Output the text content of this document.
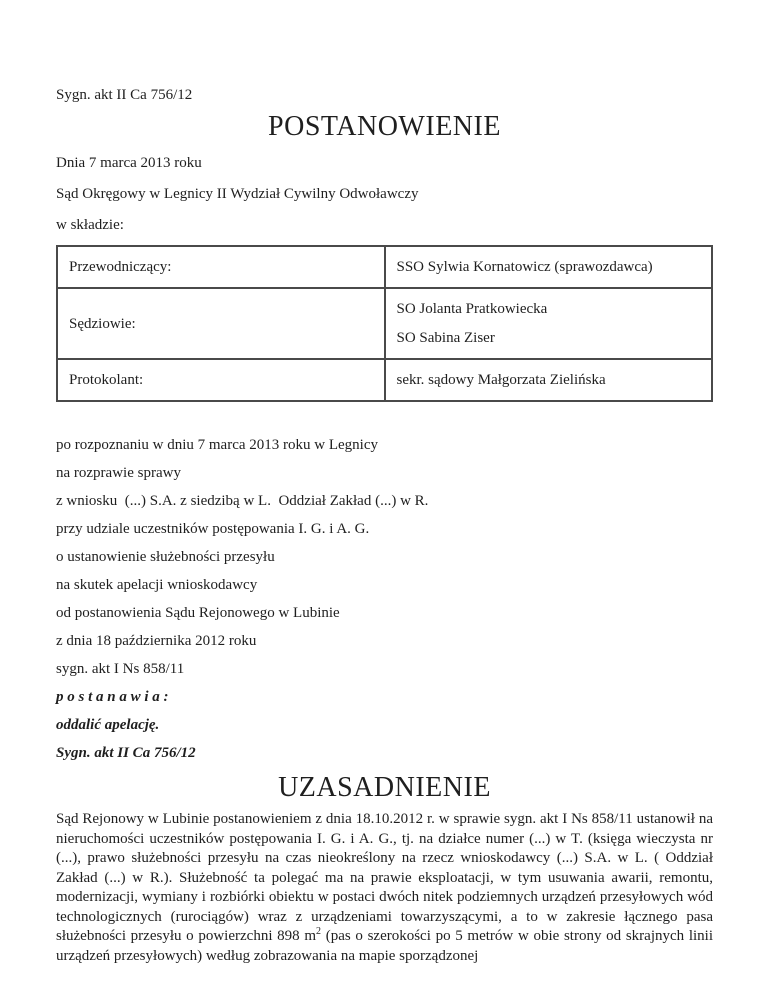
Sygn. akt II Ca 756/12
POSTANOWIENIE
Dnia 7 marca 2013 roku
Sąd Okręgowy w Legnicy II Wydział Cywilny Odwoławczy
w składzie:
Przewodniczący:	SSO Sylwia Kornatowicz (sprawozdawca)

Sędziowie:	SO Jolanta Pratkowiecka
SO Sabina Ziser

Protokolant:	sekr. sądowy Małgorzata Zielińska
po rozpoznaniu w dniu 7 marca 2013 roku w Legnicy
na rozprawie sprawy
z wniosku  (...) S.A. z siedzibą w L.  Oddział Zakład (...) w R.
przy udziale uczestników postępowania I. G. i A. G.
o ustanowienie służebności przesyłu
na skutek apelacji wnioskodawcy
od postanowienia Sądu Rejonowego w Lubinie
z dnia 18 października 2012 roku
sygn. akt I Ns 858/11
p o s t a n a w i a :
oddalić apelację.
Sygn. akt II Ca 756/12
UZASADNIENIE

Sąd Rejonowy w Lubinie postanowieniem z dnia 18.10.2012 r. w sprawie sygn. akt I Ns 858/11 ustanowił na nieruchomości uczestników postępowania I. G. i A. G., tj. na działce numer (...) w T. (księga wieczysta nr (...), prawo służebności przesyłu na czas nieokreślony na rzecz wnioskodawcy (...) S.A. w L. ( Oddział Zakład (...) w R.). Służebność ta polegać ma na prawie eksploatacji, w tym usuwania awarii, remontu, modernizacji, wymiany i rozbiórki obiektu w postaci dwóch nitek podziemnych urządzeń przesyłowych wód technologicznych (rurociągów) wraz z urządzeniami towarzyszącymi, a to w zakresie łącznego pasa służebności przesyłu o powierzchni 898 $m^2$ (pas o szerokości po 5 metrów w obie strony od skrajnych linii urządzeń przesyłowych) według zobrazowania na mapie sporządzonej
